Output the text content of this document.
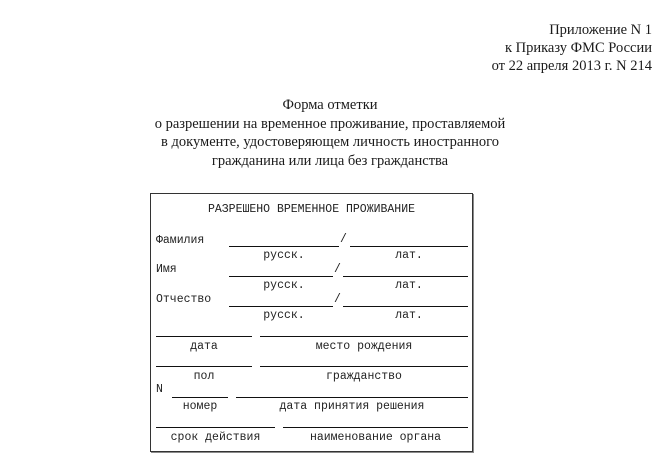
Приложение N 1
к Приказу ФМС России
от 22 апреля 2013 г. N 214
Форма отметки
о разрешении на временное проживание, проставляемой
в документе, удостоверяющем личность иностранного
гражданина или лица без гражданства
РАЗРЕШЕНО ВРЕМЕННОЕ ПРОЖИВАНИЕ
Фамилия	/
русск.	лат.
Имя	/
русск.	лат.
Отчество	/
русск.	лат.
дата	место рождения
пол	гражданство
N
номер	дата принятия решения
срок действия	наименование органа
